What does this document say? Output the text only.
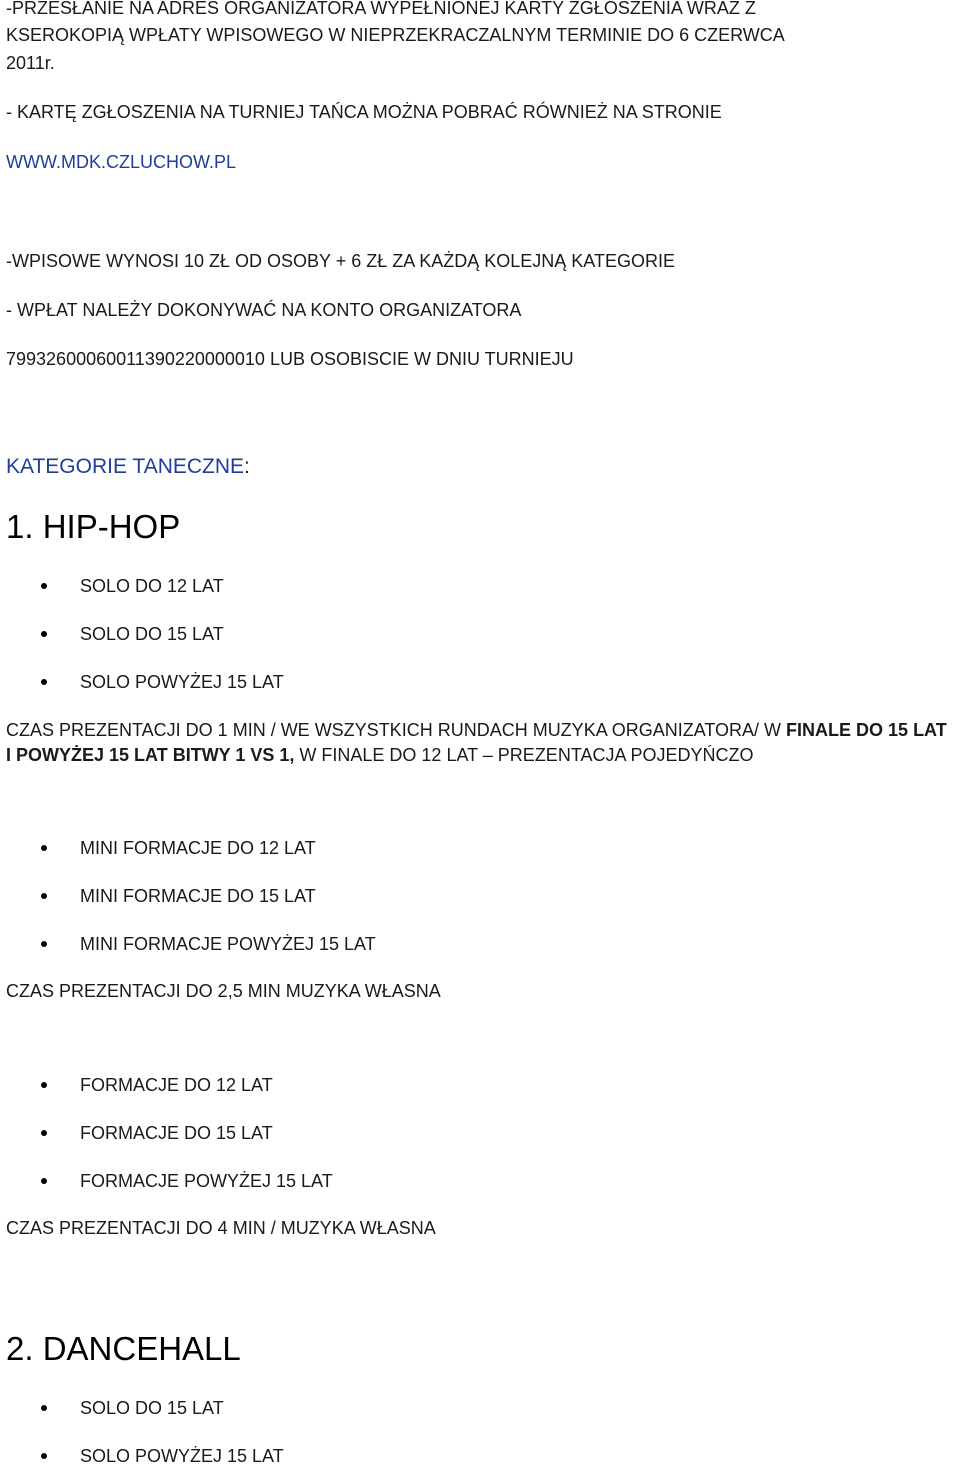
-PRZESŁANIE NA ADRES ORGANIZATORA WYPEŁNIONEJ KARTY ZGŁOSZENIA WRAZ Z
KSEROKOPIĄ WPŁATY WPISOWEGO W NIEPRZEKRACZALNYM TERMINIE DO 6 CZERWCA
2011r.
- KARTĘ ZGŁOSZENIA NA TURNIEJ TAŃCA MOŻNA POBRAĆ RÓWNIEŻ NA STRONIE
WWW.MDK.CZLUCHOW.PL
-WPISOWE WYNOSI 10 ZŁ OD OSOBY + 6 ZŁ ZA KAŻDĄ KOLEJNĄ KATEGORIE
- WPŁAT NALEŻY DOKONYWAĆ NA KONTO ORGANIZATORA
79932600060011390220000010 LUB OSOBISCIE W DNIU TURNIEJU
KATEGORIE TANECZNE:
1. HIP-HOP
SOLO DO 12 LAT
SOLO DO 15 LAT
SOLO POWYŻEJ 15 LAT
CZAS PREZENTACJI DO 1 MIN / WE WSZYSTKICH RUNDACH MUZYKA ORGANIZATORA/ W FINALE DO 15 LAT I POWYŻEJ 15 LAT BITWY 1 VS 1, W FINALE DO 12 LAT – PREZENTACJA POJEDYŃCZO
MINI FORMACJE DO 12 LAT
MINI FORMACJE DO 15 LAT
MINI FORMACJE POWYŻEJ 15 LAT
CZAS PREZENTACJI DO 2,5 MIN MUZYKA WŁASNA
FORMACJE DO 12 LAT
FORMACJE DO 15 LAT
FORMACJE POWYŻEJ 15 LAT
CZAS PREZENTACJI DO 4 MIN / MUZYKA WŁASNA
2. DANCEHALL
SOLO DO 15 LAT
SOLO POWYŻEJ 15 LAT
